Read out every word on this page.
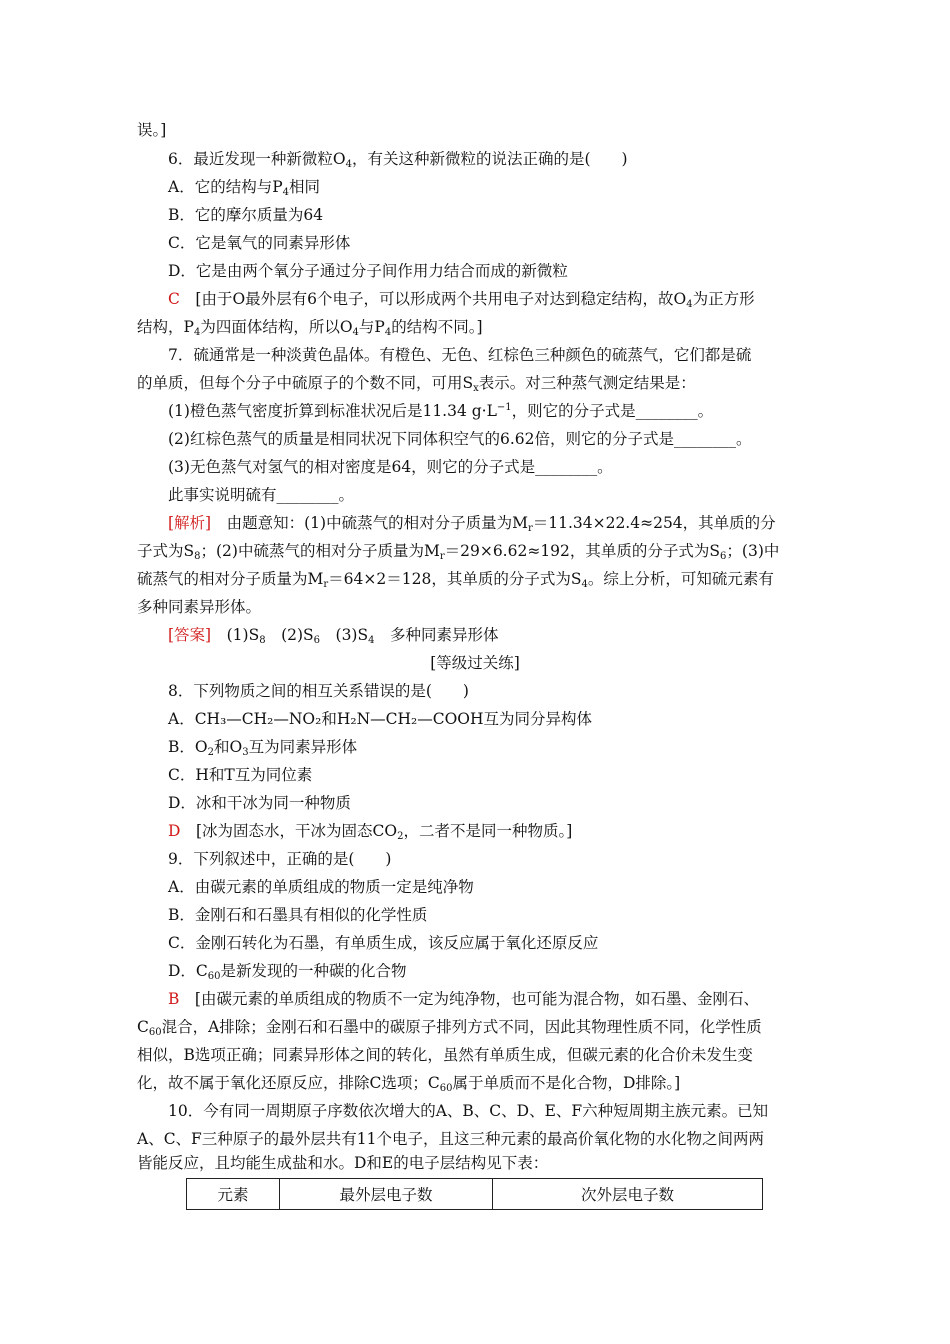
误。]
6．最近发现一种新微粒$O_4$，有关这种新微粒的说法正确的是(　　)
A．它的结构与$P_4$相同
B．它的摩尔质量为64
C．它是氧气的同素异形体
D．它是由两个氧分子通过分子间作用力结合而成的新微粒
C　 [由于O最外层有6个电子，可以形成两个共用电子对达到稳定结构，故$O_4$为正方形
结构，$P_4$为四面体结构，所以$O_4$与$P_4$的结构不同。]
7．硫通常是一种淡黄色晶体。有橙色、无色、红棕色三种颜色的硫蒸气，它们都是硫
的单质，但每个分子中硫原子的个数不同，可用$S_x$表示。对三种蒸气测定结果是：
(1)橙色蒸气密度折算到标准状况后是11.34 $g\cdot L^{-1}$，则它的分子式是________。
(2)红棕色蒸气的质量是相同状况下同体积空气的6.62倍，则它的分子式是________。
(3)无色蒸气对氢气的相对密度是64，则它的分子式是________。
此事实说明硫有________。
[解析]　由题意知：(1)中硫蒸气的相对分子质量为$M_r=11.34\times 22.4\approx 254$，其单质的分
子式为$S_8$；(2)中硫蒸气的相对分子质量为$M_r=29\times 6.62\approx 192$，其单质的分子式为$S_6$；(3)中
硫蒸气的相对分子质量为$M_r=64\times 2=128$，其单质的分子式为$S_4$。综上分析，可知硫元素有
多种同素异形体。
[答案]　$(1)S_8$　$(2)S_6$　$(3)S_4$　多种同素异形体
[等级过关练]
8．下列物质之间的相互关系错误的是(　　)
A．CH₃—CH₂—NO₂和H₂N—CH₂—COOH互为同分异构体
B．$O_2$和$O_3$互为同素异形体
C．H和T互为同位素
D．冰和干冰为同一种物质
D　 [冰为固态水，干冰为固态$CO_2$，二者不是同一种物质。]
9．下列叙述中，正确的是(　　)
A．由碳元素的单质组成的物质一定是纯净物
B．金刚石和石墨具有相似的化学性质
C．金刚石转化为石墨，有单质生成，该反应属于氧化还原反应
D．$C_{60}$是新发现的一种碳的化合物
B　 [由碳元素的单质组成的物质不一定为纯净物，也可能为混合物，如石墨、金刚石、
$C_{60}$混合，A排除；金刚石和石墨中的碳原子排列方式不同，因此其物理性质不同，化学性质
相似，B选项正确；同素异形体之间的转化，虽然有单质生成，但碳元素的化合价未发生变
化，故不属于氧化还原反应，排除C选项；$C_{60}$属于单质而不是化合物，D排除。]
10．今有同一周期原子序数依次增大的A、B、C、D、E、F六种短周期主族元素。已知
A、C、F三种原子的最外层共有11个电子，且这三种元素的最高价氧化物的水化物之间两两
皆能反应，且均能生成盐和水。D和E的电子层结构见下表：
元素	最外层电子数	次外层电子数
